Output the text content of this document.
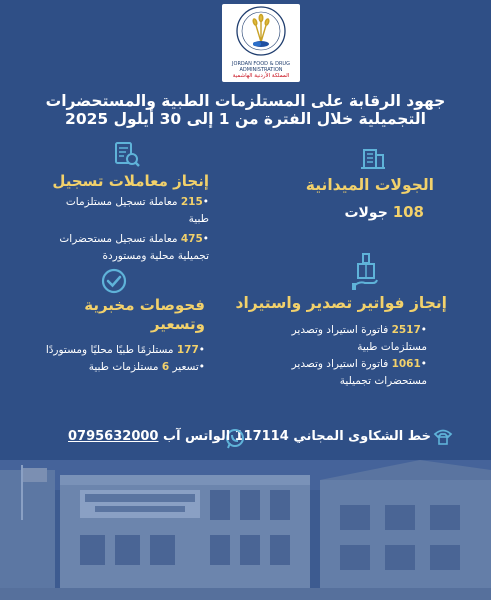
JORDAN FOOD & DRUG
ADMINISTRATION
المملكة الأردنية الهاشمية
جهود الرقابة على المستلزمات الطبية والمستحضرات
التجميلية خلال الفترة من 1 إلى 30 أيلول 2025
إنجاز معاملات تسجيل
•215 معاملة تسجيل مستلزمات
طبية
•475 معاملة تسجيل مستحضرات
تجميلية محلية ومستوردة
الجولات الميدانية
108 جولات
فحوصات مخبرية
وتسعير
•177 مستلزمًا طبيًا محليًا ومستوردًا
•تسعير 6 مستلزمات طبية
إنجاز فواتير تصدير واستيراد
•2517 فاتورة استيراد وتصدير
مستلزمات طبية
•1061 فاتورة استيراد وتصدير
مستحضرات تجميلية
خط الشكاوى المجاني 117114
الواتس آب 0795632000
